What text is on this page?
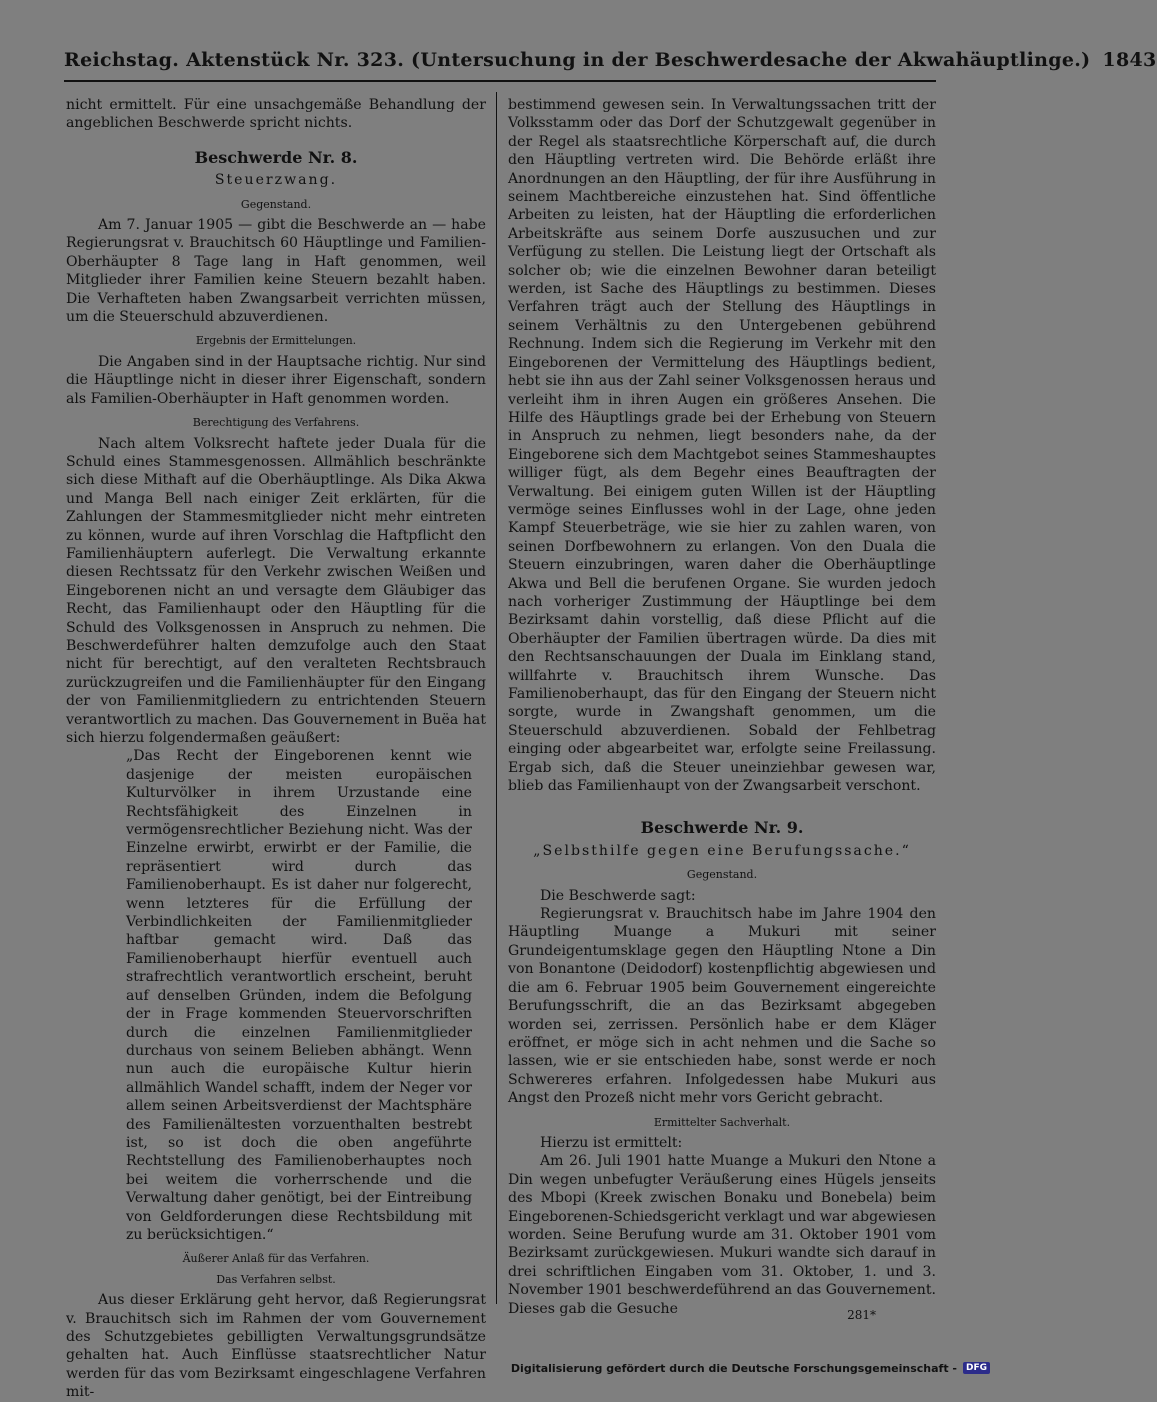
Reichstag. Aktenstück Nr. 323. (Untersuchung in der Beschwerdesache der Akwahäuptlinge.) 1843

nicht ermittelt. Für eine unsachgemäße Behandlung der angeblichen Beschwerde spricht nichts.

Beschwerde Nr. 8.
Steuerzwang.
Gegenstand.

Am 7. Januar 1905 — gibt die Beschwerde an — habe Regierungsrat v. Brauchitsch 60 Häuptlinge und Familien-Oberhäupter 8 Tage lang in Haft genommen, weil Mitglieder ihrer Familien keine Steuern bezahlt haben. Die Verhafteten haben Zwangsarbeit verrichten müssen, um die Steuerschuld abzuverdienen.

Ergebnis der Ermittelungen.

Die Angaben sind in der Hauptsache richtig. Nur sind die Häuptlinge nicht in dieser ihrer Eigenschaft, sondern als Familien-Oberhäupter in Haft genommen worden.

Berechtigung des Verfahrens.

Nach altem Volksrecht haftete jeder Duala für die Schuld eines Stammesgenossen. Allmählich beschränkte sich diese Mithaft auf die Oberhäuptlinge. Als Dika Akwa und Manga Bell nach einiger Zeit erklärten, für die Zahlungen der Stammesmitglieder nicht mehr eintreten zu können, wurde auf ihren Vorschlag die Haftpflicht den Familienhäuptern auferlegt. Die Verwaltung erkannte diesen Rechtssatz für den Verkehr zwischen Weißen und Eingeborenen nicht an und versagte dem Gläubiger das Recht, das Familienhaupt oder den Häuptling für die Schuld des Volksgenossen in Anspruch zu nehmen. Die Beschwerdeführer halten demzufolge auch den Staat nicht für berechtigt, auf den veralteten Rechtsbrauch zurückzugreifen und die Familienhäupter für den Eingang der von Familienmitgliedern zu entrichtenden Steuern verantwortlich zu machen. Das Gouvernement in Buëa hat sich hierzu folgendermaßen geäußert:

„Das Recht der Eingeborenen kennt wie dasjenige der meisten europäischen Kulturvölker in ihrem Urzustande eine Rechtsfähigkeit des Einzelnen in vermögensrechtlicher Beziehung nicht. Was der Einzelne erwirbt, erwirbt er der Familie, die repräsentiert wird durch das Familienoberhaupt. Es ist daher nur folgerecht, wenn letzteres für die Erfüllung der Verbindlichkeiten der Familienmitglieder haftbar gemacht wird. Daß das Familienoberhaupt hierfür eventuell auch strafrechtlich verantwortlich erscheint, beruht auf denselben Gründen, indem die Befolgung der in Frage kommenden Steuervorschriften durch die einzelnen Familienmitglieder durchaus von seinem Belieben abhängt. Wenn nun auch die europäische Kultur hierin allmählich Wandel schafft, indem der Neger vor allem seinen Arbeitsverdienst der Machtsphäre des Familienältesten vorzuenthalten bestrebt ist, so ist doch die oben angeführte Rechtstellung des Familienoberhauptes noch bei weitem die vorherrschende und die Verwaltung daher genötigt, bei der Eintreibung von Geldforderungen diese Rechtsbildung mit zu berücksichtigen.“

Äußerer Anlaß für das Verfahren.
Das Verfahren selbst.

Aus dieser Erklärung geht hervor, daß Regierungsrat v. Brauchitsch sich im Rahmen der vom Gouvernement des Schutzgebietes gebilligten Verwaltungsgrundsätze gehalten hat. Auch Einflüsse staatsrechtlicher Natur werden für das vom Bezirksamt eingeschlagene Verfahren mit-

bestimmend gewesen sein. In Verwaltungssachen tritt der Volksstamm oder das Dorf der Schutzgewalt gegenüber in der Regel als staatsrechtliche Körperschaft auf, die durch den Häuptling vertreten wird. Die Behörde erläßt ihre Anordnungen an den Häuptling, der für ihre Ausführung in seinem Machtbereiche einzustehen hat. Sind öffentliche Arbeiten zu leisten, hat der Häuptling die erforderlichen Arbeitskräfte aus seinem Dorfe auszusuchen und zur Verfügung zu stellen. Die Leistung liegt der Ortschaft als solcher ob; wie die einzelnen Bewohner daran beteiligt werden, ist Sache des Häuptlings zu bestimmen. Dieses Verfahren trägt auch der Stellung des Häuptlings in seinem Verhältnis zu den Untergebenen gebührend Rechnung. Indem sich die Regierung im Verkehr mit den Eingeborenen der Vermittelung des Häuptlings bedient, hebt sie ihn aus der Zahl seiner Volksgenossen heraus und verleiht ihm in ihren Augen ein größeres Ansehen. Die Hilfe des Häuptlings grade bei der Erhebung von Steuern in Anspruch zu nehmen, liegt besonders nahe, da der Eingeborene sich dem Machtgebot seines Stammeshauptes williger fügt, als dem Begehr eines Beauftragten der Verwaltung. Bei einigem guten Willen ist der Häuptling vermöge seines Einflusses wohl in der Lage, ohne jeden Kampf Steuerbeträge, wie sie hier zu zahlen waren, von seinen Dorfbewohnern zu erlangen. Von den Duala die Steuern einzubringen, waren daher die Oberhäuptlinge Akwa und Bell die berufenen Organe. Sie wurden jedoch nach vorheriger Zustimmung der Häuptlinge bei dem Bezirksamt dahin vorstellig, daß diese Pflicht auf die Oberhäupter der Familien übertragen würde. Da dies mit den Rechtsanschauungen der Duala im Einklang stand, willfahrte v. Brauchitsch ihrem Wunsche. Das Familienoberhaupt, das für den Eingang der Steuern nicht sorgte, wurde in Zwangshaft genommen, um die Steuerschuld abzuverdienen. Sobald der Fehlbetrag einging oder abgearbeitet war, erfolgte seine Freilassung. Ergab sich, daß die Steuer uneinziehbar gewesen war, blieb das Familienhaupt von der Zwangsarbeit verschont.

Beschwerde Nr. 9.
„Selbsthilfe gegen eine Berufungssache.“
Gegenstand.

Die Beschwerde sagt:

Regierungsrat v. Brauchitsch habe im Jahre 1904 den Häuptling Muange a Mukuri mit seiner Grundeigentumsklage gegen den Häuptling Ntone a Din von Bonantone (Deidodorf) kostenpflichtig abgewiesen und die am 6. Februar 1905 beim Gouvernement eingereichte Berufungsschrift, die an das Bezirksamt abgegeben worden sei, zerrissen. Persönlich habe er dem Kläger eröffnet, er möge sich in acht nehmen und die Sache so lassen, wie er sie entschieden habe, sonst werde er noch Schwereres erfahren. Infolgedessen habe Mukuri aus Angst den Prozeß nicht mehr vors Gericht gebracht.

Ermittelter Sachverhalt.

Hierzu ist ermittelt:

Am 26. Juli 1901 hatte Muange a Mukuri den Ntone a Din wegen unbefugter Veräußerung eines Hügels jenseits des Mbopi (Kreek zwischen Bonaku und Bonebela) beim Eingeborenen-Schiedsgericht verklagt und war abgewiesen worden. Seine Berufung wurde am 31. Oktober 1901 vom Bezirksamt zurückgewiesen. Mukuri wandte sich darauf in drei schriftlichen Eingaben vom 31. Oktober, 1. und 3. November 1901 beschwerdeführend an das Gouvernement. Dieses gab die Gesuche	281*
Digitalisierung gefördert durch die Deutsche Forschungsgemeinschaft -	DFG
